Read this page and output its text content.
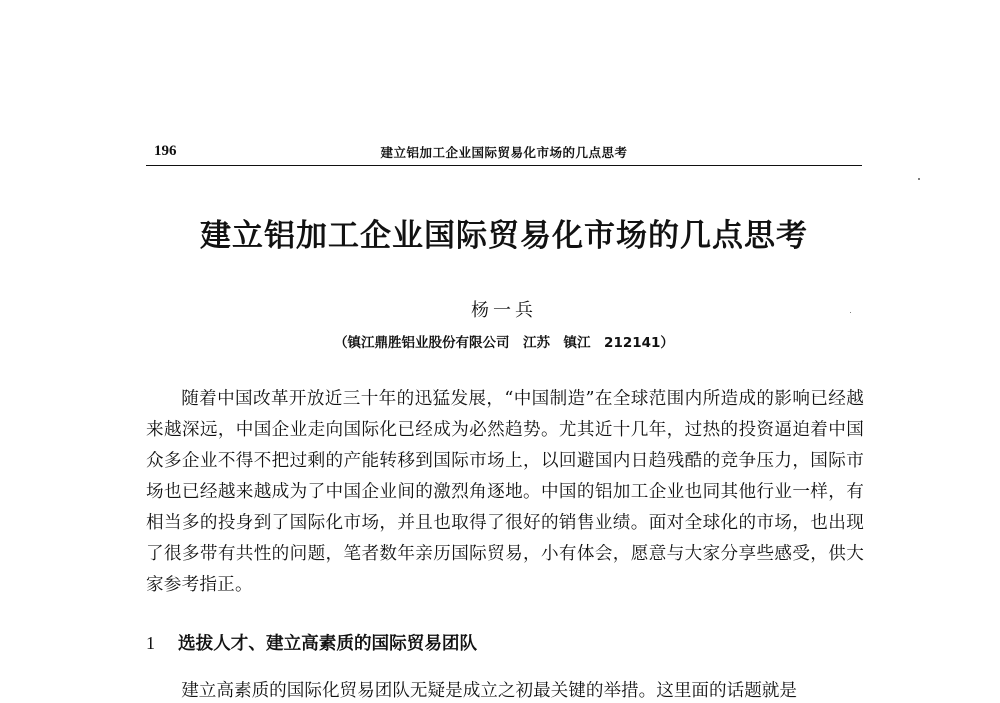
196	建立铝加工企业国际贸易化市场的几点思考
建立铝加工企业国际贸易化市场的几点思考
杨一兵
（镇江鼎胜铝业股份有限公司　江苏　镇江　212141）

随着中国改革开放近三十年的迅猛发展，“中国制造”在全球范围内所造成的影响已经越来越深远，中国企业走向国际化已经成为必然趋势。尤其近十几年，过热的投资逼迫着中国众多企业不得不把过剩的产能转移到国际市场上，以回避国内日趋残酷的竞争压力，国际市场也已经越来越成为了中国企业间的激烈角逐地。中国的铝加工企业也同其他行业一样，有相当多的投身到了国际化市场，并且也取得了很好的销售业绩。面对全球化的市场，也出现了很多带有共性的问题，笔者数年亲历国际贸易，小有体会，愿意与大家分享些感受，供大家参考指正。

1 选拔人才、建立高素质的国际贸易团队

建立高素质的国际化贸易团队无疑是成立之初最关键的举措。这里面的话题就是
